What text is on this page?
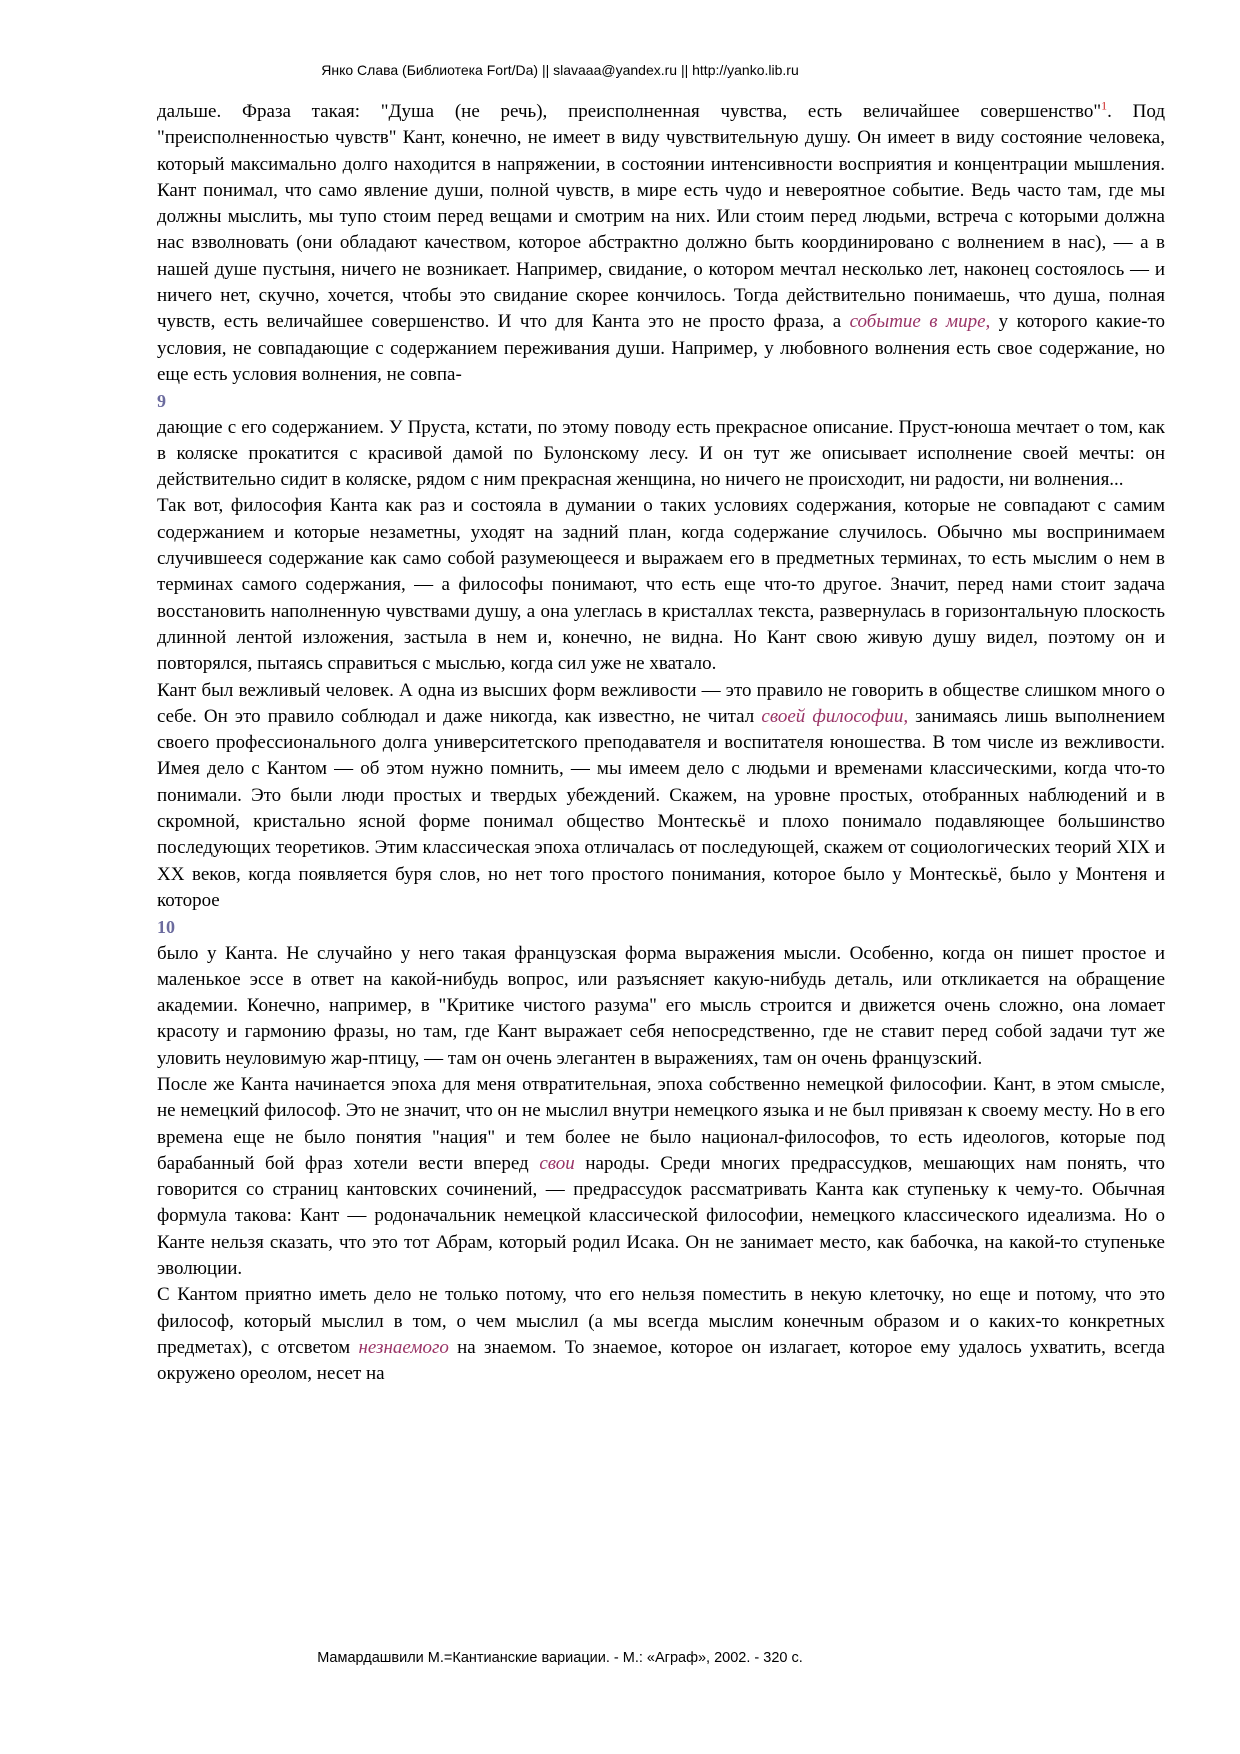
Янко Слава (Библиотека Fort/Da) || slavaaa@yandex.ru || http://yanko.lib.ru

дальше. Фраза такая: "Душа (не речь), преисполненная чувства, есть величайшее совершенство"$^1$. Под "преисполненностью чувств" Кант, конечно, не имеет в виду чувствительную душу. Он имеет в виду состояние человека, который максимально долго находится в напряжении, в состоянии интенсивности восприятия и концентрации мышления. Кант понимал, что само явление души, полной чувств, в мире есть чудо и невероятное событие. Ведь часто там, где мы должны мыслить, мы тупо стоим перед вещами и смотрим на них. Или стоим перед людьми, встреча с которыми должна нас взволновать (они обладают качеством, которое абстрактно должно быть координировано с волнением в нас), — а в нашей душе пустыня, ничего не возникает. Например, свидание, о котором мечтал несколько лет, наконец состоялось — и ничего нет, скучно, хочется, чтобы это свидание скорее кончилось. Тогда действительно понимаешь, что душа, полная чувств, есть величайшее совершенство. И что для Канта это не просто фраза, а событие в мире, у которого какие-то условия, не совпадающие с содержанием переживания души. Например, у любовного волнения есть свое содержание, но еще есть условия волнения, не совпа-

9

дающие с его содержанием. У Пруста, кстати, по этому поводу есть прекрасное описание. Пруст-юноша мечтает о том, как в коляске прокатится с красивой дамой по Булонскому лесу. И он тут же описывает исполнение своей мечты: он действительно сидит в коляске, рядом с ним прекрасная женщина, но ничего не происходит, ни радости, ни волнения...

Так вот, философия Канта как раз и состояла в думании о таких условиях содержания, которые не совпадают с самим содержанием и которые незаметны, уходят на задний план, когда содержание случилось. Обычно мы воспринимаем случившееся содержание как само собой разумеющееся и выражаем его в предметных терминах, то есть мыслим о нем в терминах самого содержания, — а философы понимают, что есть еще что-то другое. Значит, перед нами стоит задача восстановить наполненную чувствами душу, а она улеглась в кристаллах текста, развернулась в горизонтальную плоскость длинной лентой изложения, застыла в нем и, конечно, не видна. Но Кант свою живую душу видел, поэтому он и повторялся, пытаясь справиться с мыслью, когда сил уже не хватало.

Кант был вежливый человек. А одна из высших форм вежливости — это правило не говорить в обществе слишком много о себе. Он это правило соблюдал и даже никогда, как известно, не читал своей философии, занимаясь лишь выполнением своего профессионального долга университетского преподавателя и воспитателя юношества. В том числе из вежливости. Имея дело с Кантом — об этом нужно помнить, — мы имеем дело с людьми и временами классическими, когда что-то понимали. Это были люди простых и твердых убеждений. Скажем, на уровне простых, отобранных наблюдений и в скромной, кристально ясной форме понимал общество Монтескьё и плохо понимало подавляющее большинство последующих теоретиков. Этим классическая эпоха отличалась от последующей, скажем от социологических теорий XIX и XX веков, когда появляется буря слов, но нет того простого понимания, которое было у Монтескьё, было у Монтеня и которое

10

было у Канта. Не случайно у него такая французская форма выражения мысли. Особенно, когда он пишет простое и маленькое эссе в ответ на какой-нибудь вопрос, или разъясняет какую-нибудь деталь, или откликается на обращение академии. Конечно, например, в "Критике чистого разума" его мысль строится и движется очень сложно, она ломает красоту и гармонию фразы, но там, где Кант выражает себя непосредственно, где не ставит перед собой задачи тут же уловить неуловимую жар-птицу, — там он очень элегантен в выражениях, там он очень французский.

После же Канта начинается эпоха для меня отвратительная, эпоха собственно немецкой философии. Кант, в этом смысле, не немецкий философ. Это не значит, что он не мыслил внутри немецкого языка и не был привязан к своему месту. Но в его времена еще не было понятия "нация" и тем более не было национал-философов, то есть идеологов, которые под барабанный бой фраз хотели вести вперед свои народы. Среди многих предрассудков, мешающих нам понять, что говорится со страниц кантовских сочинений, — предрассудок рассматривать Канта как ступеньку к чему-то. Обычная формула такова: Кант — родоначальник немецкой классической философии, немецкого классического идеализма. Но о Канте нельзя сказать, что это тот Абрам, который родил Исака. Он не занимает место, как бабочка, на какой-то ступеньке эволюции.

С Кантом приятно иметь дело не только потому, что его нельзя поместить в некую клеточку, но еще и потому, что это философ, который мыслил в том, о чем мыслил (а мы всегда мыслим конечным образом и о каких-то конкретных предметах), с отсветом незнаемого на знаемом. То знаемое, которое он излагает, которое ему удалось ухватить, всегда окружено ореолом, несет на

Мамардашвили М.=Кантианские вариации. - М.: «Аграф», 2002. - 320 с.
